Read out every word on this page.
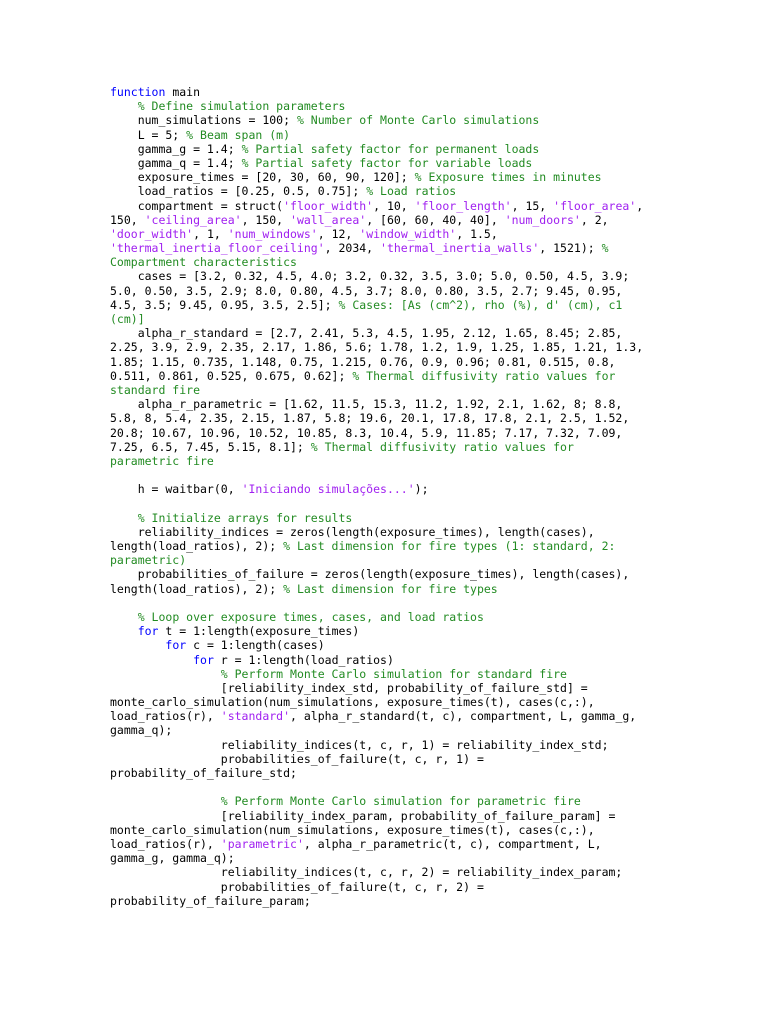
function main
% Define simulation parameters
num_simulations = 100; % Number of Monte Carlo simulations
L = 5; % Beam span (m)
gamma_g = 1.4; % Partial safety factor for permanent loads
gamma_q = 1.4; % Partial safety factor for variable loads
exposure_times = [20, 30, 60, 90, 120]; % Exposure times in minutes
load_ratios = [0.25, 0.5, 0.75]; % Load ratios
compartment = struct('floor_width', 10, 'floor_length', 15, 'floor_area',
150, 'ceiling_area', 150, 'wall_area', [60, 60, 40, 40], 'num_doors', 2,
'door_width', 1, 'num_windows', 12, 'window_width', 1.5,
'thermal_inertia_floor_ceiling', 2034, 'thermal_inertia_walls', 1521); %
Compartment characteristics
cases = [3.2, 0.32, 4.5, 4.0; 3.2, 0.32, 3.5, 3.0; 5.0, 0.50, 4.5, 3.9;
5.0, 0.50, 3.5, 2.9; 8.0, 0.80, 4.5, 3.7; 8.0, 0.80, 3.5, 2.7; 9.45, 0.95,
4.5, 3.5; 9.45, 0.95, 3.5, 2.5]; % Cases: [As (cm^2), rho (%), d' (cm), c1
(cm)]
alpha_r_standard = [2.7, 2.41, 5.3, 4.5, 1.95, 2.12, 1.65, 8.45; 2.85,
2.25, 3.9, 2.9, 2.35, 2.17, 1.86, 5.6; 1.78, 1.2, 1.9, 1.25, 1.85, 1.21, 1.3,
1.85; 1.15, 0.735, 1.148, 0.75, 1.215, 0.76, 0.9, 0.96; 0.81, 0.515, 0.8,
0.511, 0.861, 0.525, 0.675, 0.62]; % Thermal diffusivity ratio values for
standard fire
alpha_r_parametric = [1.62, 11.5, 15.3, 11.2, 1.92, 2.1, 1.62, 8; 8.8,
5.8, 8, 5.4, 2.35, 2.15, 1.87, 5.8; 19.6, 20.1, 17.8, 17.8, 2.1, 2.5, 1.52,
20.8; 10.67, 10.96, 10.52, 10.85, 8.3, 10.4, 5.9, 11.85; 7.17, 7.32, 7.09,
7.25, 6.5, 7.45, 5.15, 8.1]; % Thermal diffusivity ratio values for
parametric fire

h = waitbar(0, 'Iniciando simulações...');

% Initialize arrays for results
reliability_indices = zeros(length(exposure_times), length(cases),
length(load_ratios), 2); % Last dimension for fire types (1: standard, 2:
parametric)
probabilities_of_failure = zeros(length(exposure_times), length(cases),
length(load_ratios), 2); % Last dimension for fire types

% Loop over exposure times, cases, and load ratios
for t = 1:length(exposure_times)
for c = 1:length(cases)
for r = 1:length(load_ratios)
% Perform Monte Carlo simulation for standard fire
[reliability_index_std, probability_of_failure_std] =
monte_carlo_simulation(num_simulations, exposure_times(t), cases(c,:),
load_ratios(r), 'standard', alpha_r_standard(t, c), compartment, L, gamma_g,
gamma_q);
reliability_indices(t, c, r, 1) = reliability_index_std;
probabilities_of_failure(t, c, r, 1) =
probability_of_failure_std;

% Perform Monte Carlo simulation for parametric fire
[reliability_index_param, probability_of_failure_param] =
monte_carlo_simulation(num_simulations, exposure_times(t), cases(c,:),
load_ratios(r), 'parametric', alpha_r_parametric(t, c), compartment, L,
gamma_g, gamma_q);
reliability_indices(t, c, r, 2) = reliability_index_param;
probabilities_of_failure(t, c, r, 2) =
probability_of_failure_param;
